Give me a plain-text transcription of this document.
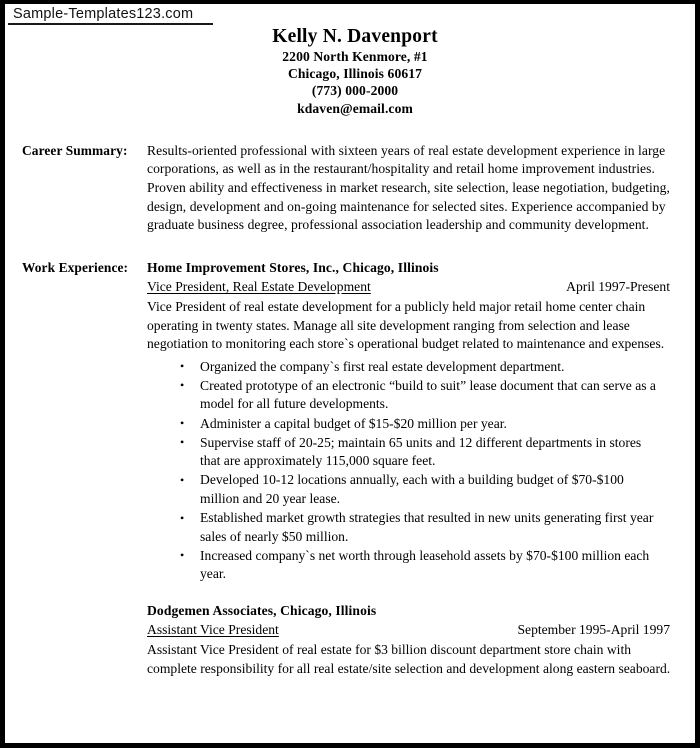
Sample-Templates123.com
Kelly N. Davenport
2200 North Kenmore, #1
Chicago, Illinois 60617
(773) 000-2000
kdaven@email.com
Career Summary:	Results-oriented professional with sixteen years of real estate development experience in large corporations, as well as in the restaurant/hospitality and retail home improvement industries. Proven ability and effectiveness in market research, site selection, lease negotiation, budgeting, design, development and on-going maintenance for selected sites. Experience accompanied by graduate business degree, professional association leadership and community development.
Work Experience:	Home Improvement Stores, Inc., Chicago, Illinois
Vice President, Real Estate Development	April 1997-Present
Vice President of real estate development for a publicly held major retail home center chain operating in twenty states. Manage all site development ranging from selection and lease negotiation to monitoring each store`s operational budget related to maintenance and expenses.
• Organized the company`s first real estate development department.
• Created prototype of an electronic “build to suit” lease document that can serve as a model for all future developments.
• Administer a capital budget of $15-$20 million per year.
• Supervise staff of 20-25; maintain 65 units and 12 different departments in stores that are approximately 115,000 square feet.
• Developed 10-12 locations annually, each with a building budget of $70-$100 million and 20 year lease.
• Established market growth strategies that resulted in new units generating first year sales of nearly $50 million.
• Increased company`s net worth through leasehold assets by $70-$100 million each year.
Dodgemen Associates, Chicago, Illinois
Assistant Vice President	September 1995-April 1997
Assistant Vice President of real estate for $3 billion discount department store chain with complete responsibility for all real estate/site selection and development along eastern seaboard.
